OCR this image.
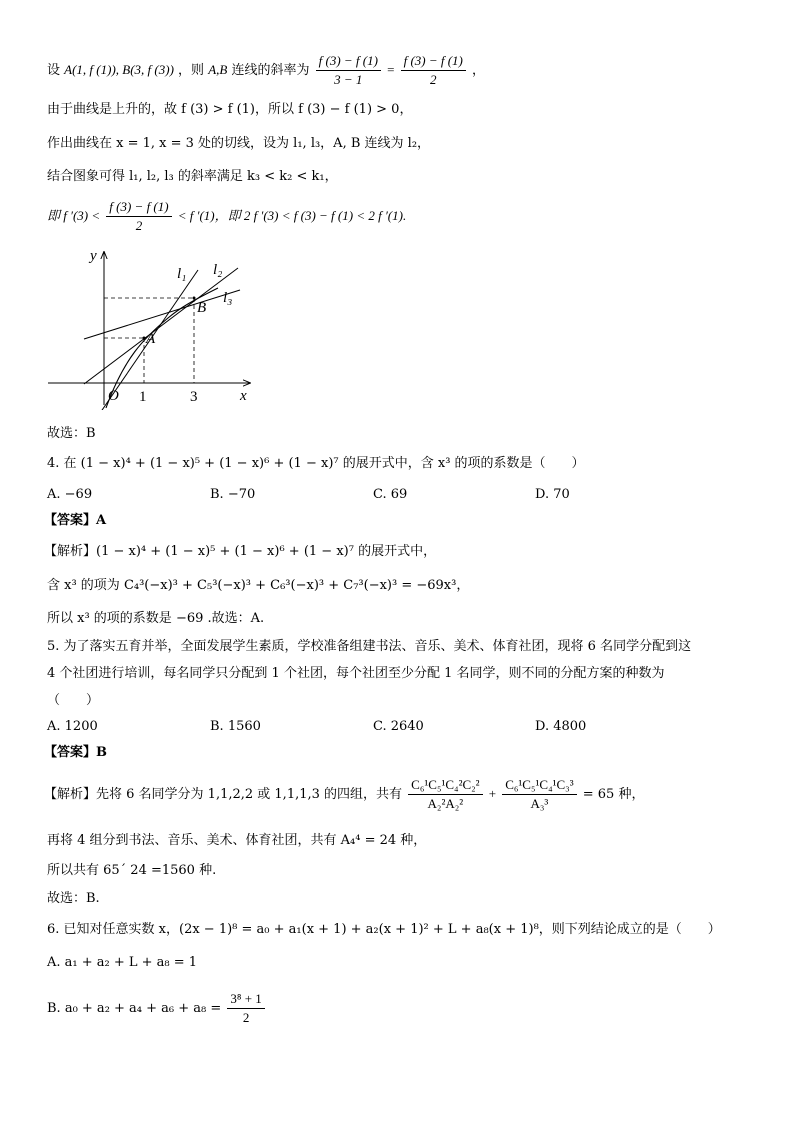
设 A(1, f (1)), B(3, f (3)) ，则 A,B 连线的斜率为 $\frac{f (3) - f (1)}{3 - 1} = \frac{f (3) - f (1)}{2}$ ，
由于曲线是上升的，故 f (3) > f (1)，所以 f (3) − f (1) > 0，
作出曲线在 x = 1, x = 3 处的切线，设为 l₁, l₃，A, B 连线为 l₂，
结合图象可得 l₁, l₂, l₃ 的斜率满足 k₃ < k₂ < k₁，
即 f $'(3) < \frac{f (3) - f (1)}{2} < f$ ′(1)，即 2 f ′(3) < f (3) − f (1) < 2 f ′(1).
y
x
O 1	3
A
B
l₁ l₂
l₃
故选：B
4. 在 (1 − x)⁴ + (1 − x)⁵ + (1 − x)⁶ + (1 − x)⁷ 的展开式中，含 x³ 的项的系数是（　　）
A. −69	B. −70	C. 69	D. 70
【答案】A
【解析】(1 − x)⁴ + (1 − x)⁵ + (1 − x)⁶ + (1 − x)⁷ 的展开式中，
含 x³ 的项为 C₄³(−x)³ + C₅³(−x)³ + C₆³(−x)³ + C₇³(−x)³ = −69x³，
所以 x³ 的项的系数是 −69 .故选：A.
5. 为了落实五育并举，全面发展学生素质，学校准备组建书法、音乐、美术、体育社团，现将 6 名同学分配到这
4 个社团进行培训，每名同学只分配到 1 个社团，每个社团至少分配 1 名同学，则不同的分配方案的种数为
（　　）
A. 1200	B. 1560	C. 2640	D. 4800
【答案】B
【解析】先将 6 名同学分为 1,1,2,2 或 1,1,1,3 的四组，共有 $\frac{\text{C₆¹C₅¹C₄²C₂²}}{\text{A₂²A₂²}} + \frac{\text{C₆¹C₅¹C₄¹C₃³}}{\text{A₃³}} = 65$ 种，
再将 4 组分到书法、音乐、美术、体育社团，共有 A₄⁴ = 24 种，
所以共有 65´ 24 =1560 种.
故选：B.
6. 已知对任意实数 x，(2x − 1)⁸ = a₀ + a₁(x + 1) + a₂(x + 1)² + L + a₈(x + 1)⁸，则下列结论成立的是（　　）
A. a₁ + a₂ + L + a₈ = 1
B. $a_0 + a_2 + a_4 + a_6 + a_8 = \frac{\text{3⁸ + 1}}{2}$
